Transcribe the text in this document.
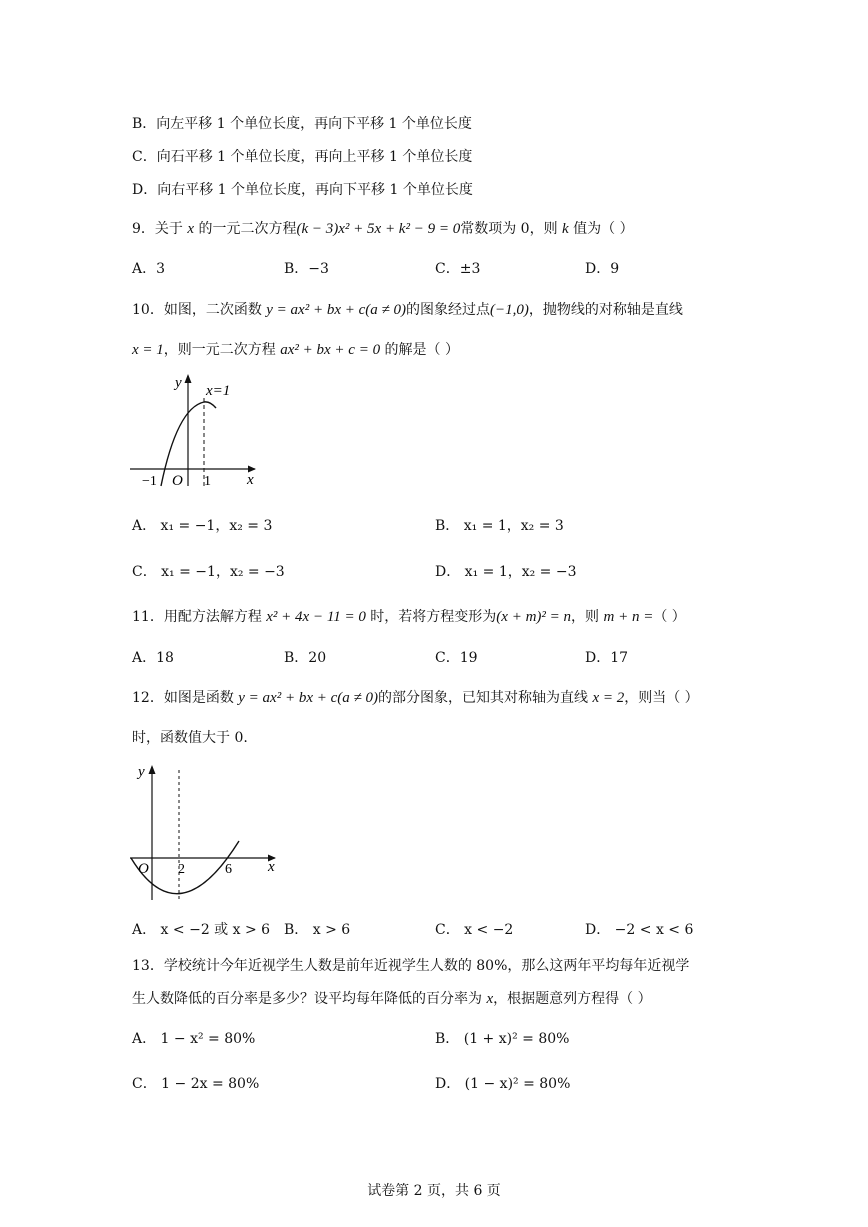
B．向左平移 1 个单位长度，再向下平移 1 个单位长度
C．向石平移 1 个单位长度，再向上平移 1 个单位长度
D．向右平移 1 个单位长度，再向下平移 1 个单位长度
9．关于 x 的一元二次方程(k − 3)x² + 5x + k² − 9 = 0常数项为 0，则 k 值为（ ）
A．3	B．−3	C．±3	D．9
10．如图，二次函数 y = ax² + bx + c(a ≠ 0)的图象经过点(−1,0)，抛物线的对称轴是直线
x = 1，则一元二次方程 ax² + bx + c = 0 的解是（ ）
y x=1
x
O
−1	1
A． x₁ = −1，x₂ = 3	B． x₁ = 1，x₂ = 3
C． x₁ = −1，x₂ = −3	D． x₁ = 1，x₂ = −3
11．用配方法解方程 x² + 4x − 11 = 0 时，若将方程变形为(x + m)² = n，则 m + n =（ ）
A．18	B．20	C．19	D．17
12．如图是函数 y = ax² + bx + c(a ≠ 0)的部分图象，已知其对称轴为直线 x = 2，则当（ ）
时，函数值大于 0.
y
x
O 2	6
A． x < −2 或 x > 6 B． x > 6	C． x < −2	D． −2 < x < 6
13．学校统计今年近视学生人数是前年近视学生人数的 80%，那么这两年平均每年近视学
生人数降低的百分率是多少？设平均每年降低的百分率为 x，根据题意列方程得（ ）
A． 1 − x² = 80%	B． (1 + x)² = 80%
C． 1 − 2x = 80%	D． (1 − x)² = 80%
试卷第 2 页，共 6 页
